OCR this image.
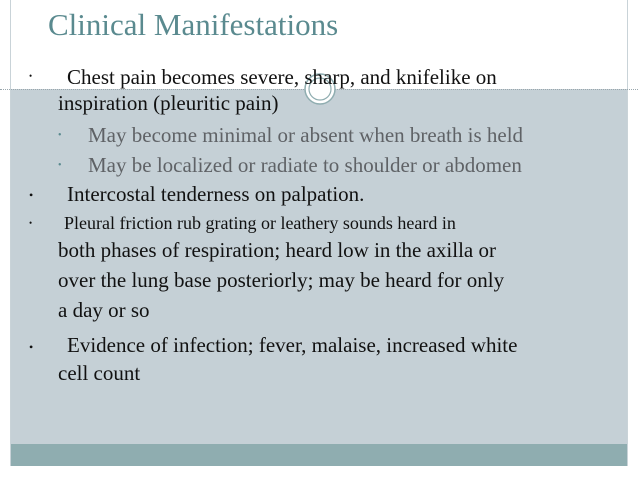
Clinical Manifestations
• Chest pain becomes severe, sharp, and knifelike on
inspiration (pleuritic pain)
• May become minimal or absent when breath is held
• May be localized or radiate to shoulder or abdomen
• Intercostal tenderness on palpation.
• Pleural friction rub grating or leathery sounds heard in
both phases of respiration; heard low in the axilla or
over the lung base posteriorly; may be heard for only
a day or so
• Evidence of infection; fever, malaise, increased white
cell count
